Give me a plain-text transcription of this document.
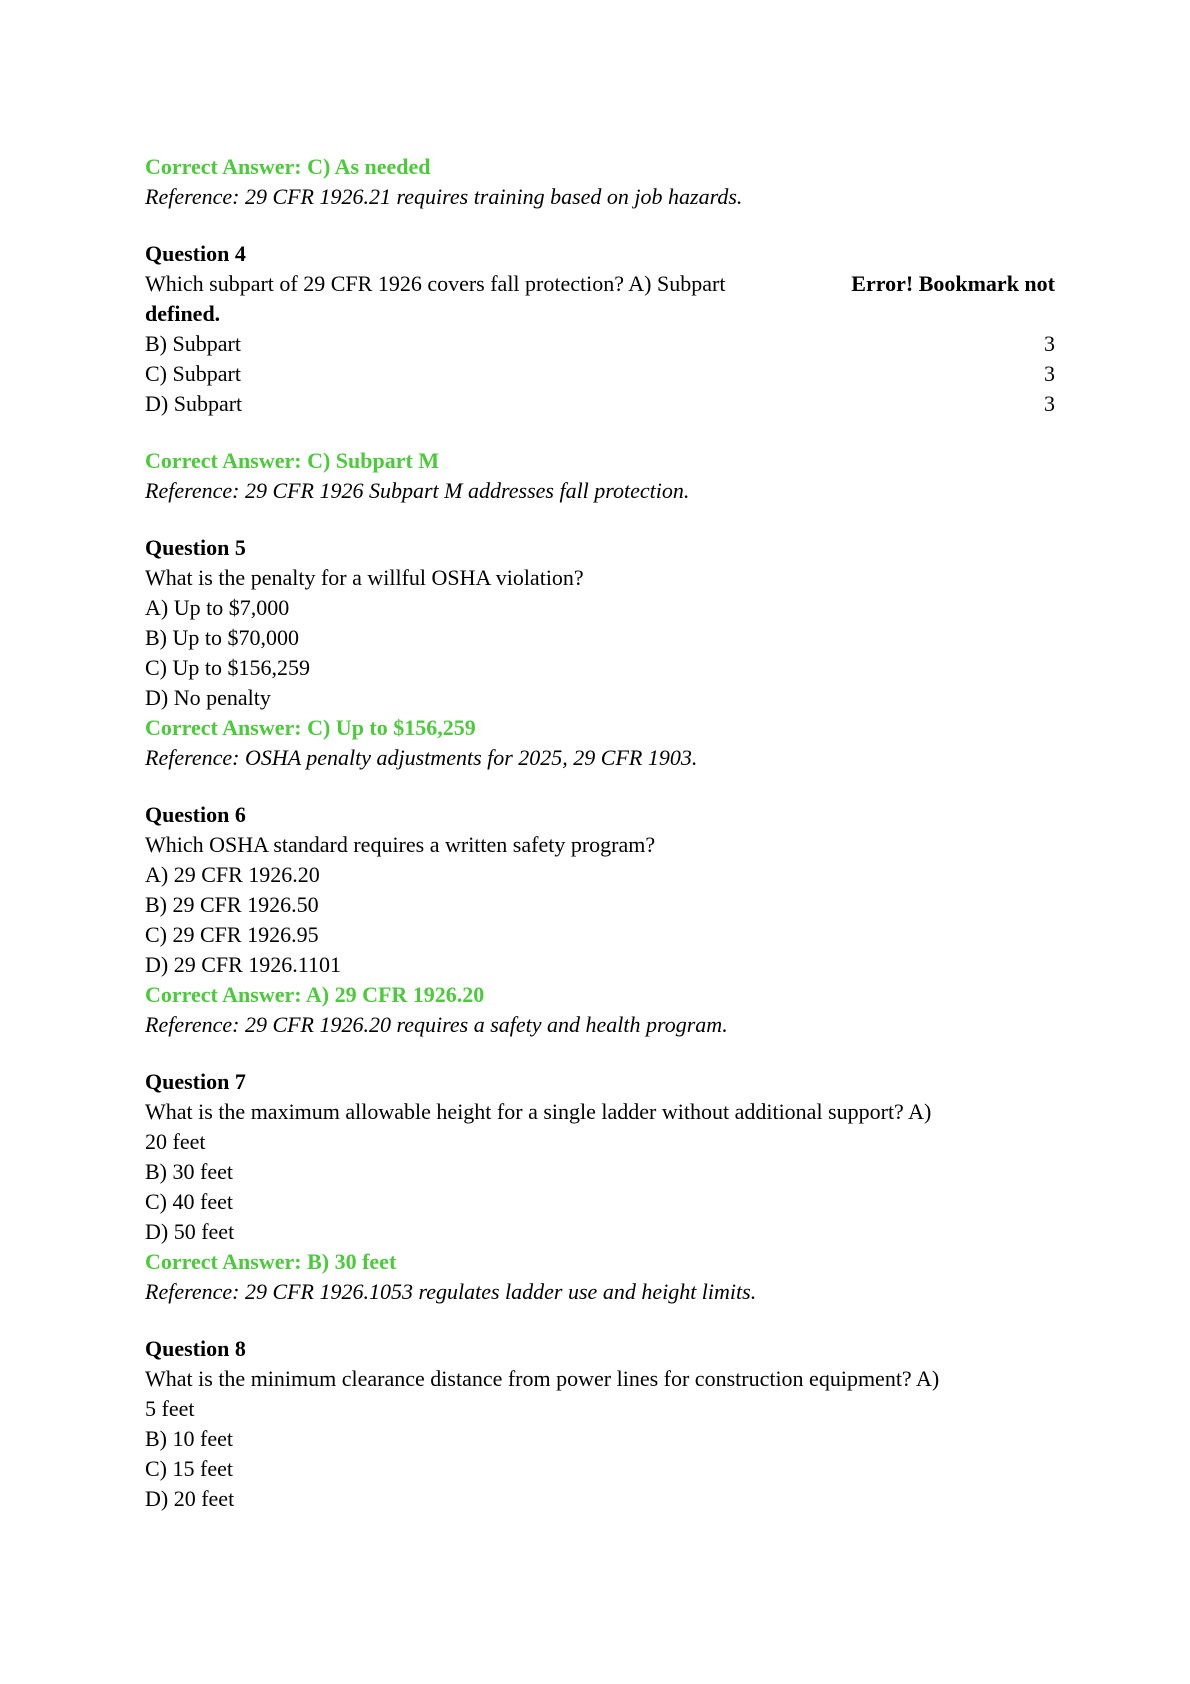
Correct Answer: C) As needed
Reference: 29 CFR 1926.21 requires training based on job hazards.
Question 4
Which subpart of 29 CFR 1926 covers fall protection? A) Subpart	Error! Bookmark not
defined.
B) Subpart	3
C) Subpart	3
D) Subpart	3
Correct Answer: C) Subpart M
Reference: 29 CFR 1926 Subpart M addresses fall protection.
Question 5
What is the penalty for a willful OSHA violation?
A) Up to $7,000
B) Up to $70,000
C) Up to $156,259
D) No penalty
Correct Answer: C) Up to $156,259
Reference: OSHA penalty adjustments for 2025, 29 CFR 1903.
Question 6
Which OSHA standard requires a written safety program?
A) 29 CFR 1926.20
B) 29 CFR 1926.50
C) 29 CFR 1926.95
D) 29 CFR 1926.1101
Correct Answer: A) 29 CFR 1926.20
Reference: 29 CFR 1926.20 requires a safety and health program.
Question 7
What is the maximum allowable height for a single ladder without additional support? A)
20 feet
B) 30 feet
C) 40 feet
D) 50 feet
Correct Answer: B) 30 feet
Reference: 29 CFR 1926.1053 regulates ladder use and height limits.
Question 8
What is the minimum clearance distance from power lines for construction equipment? A)
5 feet
B) 10 feet
C) 15 feet
D) 20 feet
